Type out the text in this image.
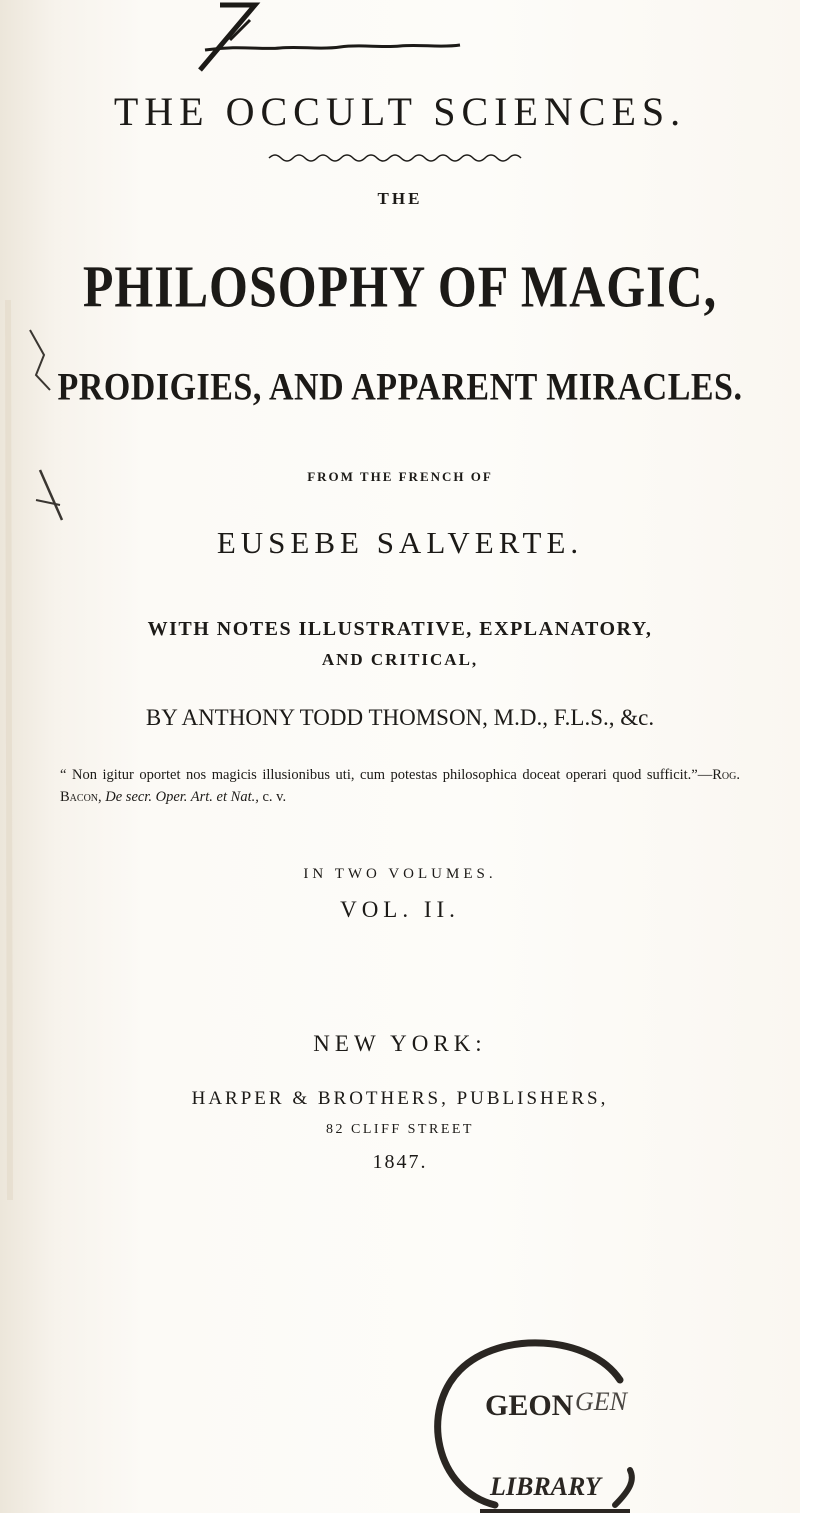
THE OCCULT SCIENCES.
THE
PHILOSOPHY OF MAGIC,
PRODIGIES, AND APPARENT MIRACLES.
FROM THE FRENCH OF
EUSEBE SALVERTE.
WITH NOTES ILLUSTRATIVE, EXPLANATORY,
AND CRITICAL,
BY ANTHONY TODD THOMSON, M.D., F.L.S., &c.
“ Non igitur oportet nos magicis illusionibus uti, cum potestas philosophica doceat operari quod sufficit.”—Rog. Bacon, De secr. Oper. Art. et Nat., c. v.
IN TWO VOLUMES.
VOL. II.
NEW YORK:
HARPER & BROTHERS, PUBLISHERS,
82 CLIFF STREET
1847.
GEON GEN
LIBRARY
